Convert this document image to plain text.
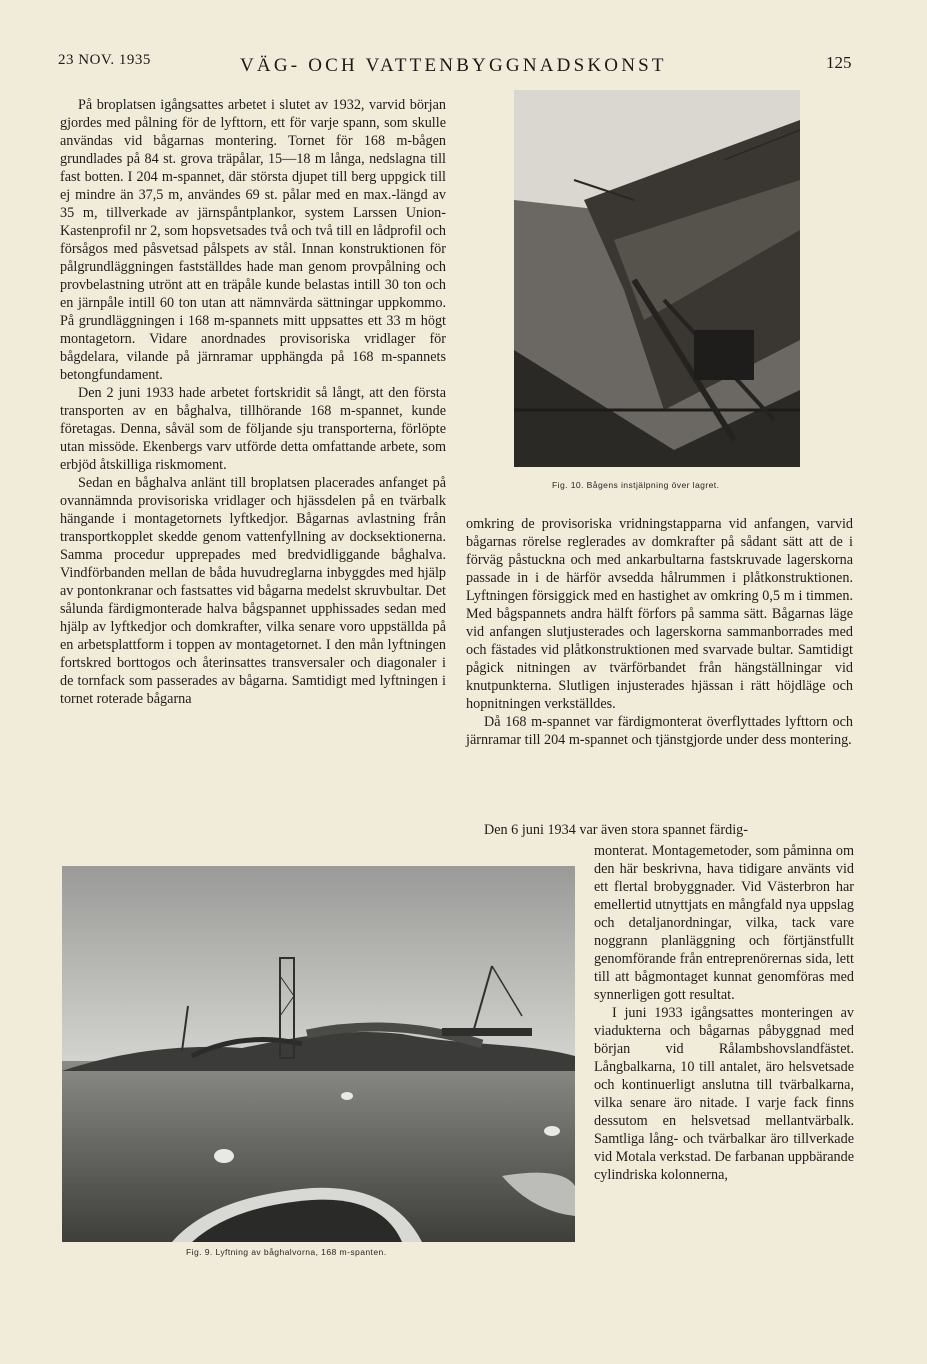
23 NOV. 1935	VÄG- OCH VATTENBYGGNADSKONST	125

På broplatsen igångsattes arbetet i slutet av 1932, varvid början gjordes med pålning för de lyfttorn, ett för varje spann, som skulle användas vid bågarnas montering. Tornet för 168 m-bågen grundlades på 84 st. grova träpålar, 15—18 m långa, nedslagna till fast botten. I 204 m-spannet, där största djupet till berg uppgick till ej mindre än 37,5 m, användes 69 st. pålar med en max.-längd av 35 m, tillverkade av järnspåntplankor, system Larssen Union-Kastenprofil nr 2, som hopsvetsades två och två till en lådprofil och försågos med påsvetsad pålspets av stål. Innan konstruktionen för pålgrundläggningen fastställdes hade man genom provpålning och provbelastning utrönt att en träpåle kunde belastas intill 30 ton och en järnpåle intill 60 ton utan att nämnvärda sättningar uppkommo. På grundläggningen i 168 m-spannets mitt uppsattes ett 33 m högt montagetorn. Vidare anordnades provisoriska vridlager för bågdelara, vilande på järnramar upphängda på 168 m-spannets betongfundament.

Den 2 juni 1933 hade arbetet fortskridit så långt, att den första transporten av en båghalva, tillhörande 168 m-spannet, kunde företagas. Denna, såväl som de följande sju transporterna, förlöpte utan missöde. Ekenbergs varv utförde detta omfattande arbete, som erbjöd åtskilliga riskmoment.

Sedan en båghalva anlänt till broplatsen placerades anfanget på ovannämnda provisoriska vridlager och hjässdelen på en tvärbalk hängande i montagetornets lyftkedjor. Bågarnas avlastning från transportkopplet skedde genom vattenfyllning av docksektionerna. Samma procedur upprepades med bredvidliggande båghalva. Vindförbanden mellan de båda huvudreglarna inbyggdes med hjälp av pontonkranar och fastsattes vid bågarna medelst skruvbultar. Det sålunda färdigmonterade halva bågspannet upphissades sedan med hjälp av lyftkedjor och domkrafter, vilka senare voro uppställda på en arbetsplattform i toppen av montagetornet. I den mån lyftningen fortskred borttogos och återinsattes transversaler och diagonaler i de tornfack som passerades av bågarna. Samtidigt med lyftningen i tornet roterade bågarna

Fig. 10. Bågens instjälpning över lagret.

omkring de provisoriska vridningstapparna vid anfangen, varvid bågarnas rörelse reglerades av domkrafter på sådant sätt att de i förväg påstuckna och med ankarbultarna fastskruvade lagerskorna passade in i de härför avsedda hålrummen i plåtkonstruktionen. Lyftningen försiggick med en hastighet av omkring 0,5 m i timmen. Med bågspannets andra hälft förfors på samma sätt. Bågarnas läge vid anfangen slutjusterades och lagerskorna sammanborrades med och fästades vid plåtkonstruktionen med svarvade bultar. Samtidigt pågick nitningen av tvärförbandet från hängställningar vid knutpunkterna. Slutligen injusterades hjässan i rätt höjdläge och hopnitningen verkställdes.

Då 168 m-spannet var färdigmonterat överflyttades lyfttorn och järnramar till 204 m-spannet och tjänstgjorde under dess montering.

Den 6 juni 1934 var även stora spannet färdig-

monterat. Montagemetoder, som påminna om den här beskrivna, hava tidigare använts vid ett flertal brobyggnader. Vid Västerbron har emellertid utnyttjats en mångfald nya uppslag och detaljanordningar, vilka, tack vare noggrann planläggning och förtjänstfullt genomförande från entreprenörernas sida, lett till att bågmontaget kunnat genomföras med synnerligen gott resultat.

I juni 1933 igångsattes monteringen av viadukterna och bågarnas påbyggnad med början vid Rålambshovslandfästet. Långbalkarna, 10 till antalet, äro helsvetsade och kontinuerligt anslutna till tvärbalkarna, vilka senare äro nitade. I varje fack finns dessutom en helsvetsad mellantvärbalk. Samtliga lång- och tvärbalkar äro tillverkade vid Motala verkstad. De farbanan uppbärande cylindriska kolonnerna,

Fig. 9. Lyftning av båghalvorna, 168 m-spanten.
